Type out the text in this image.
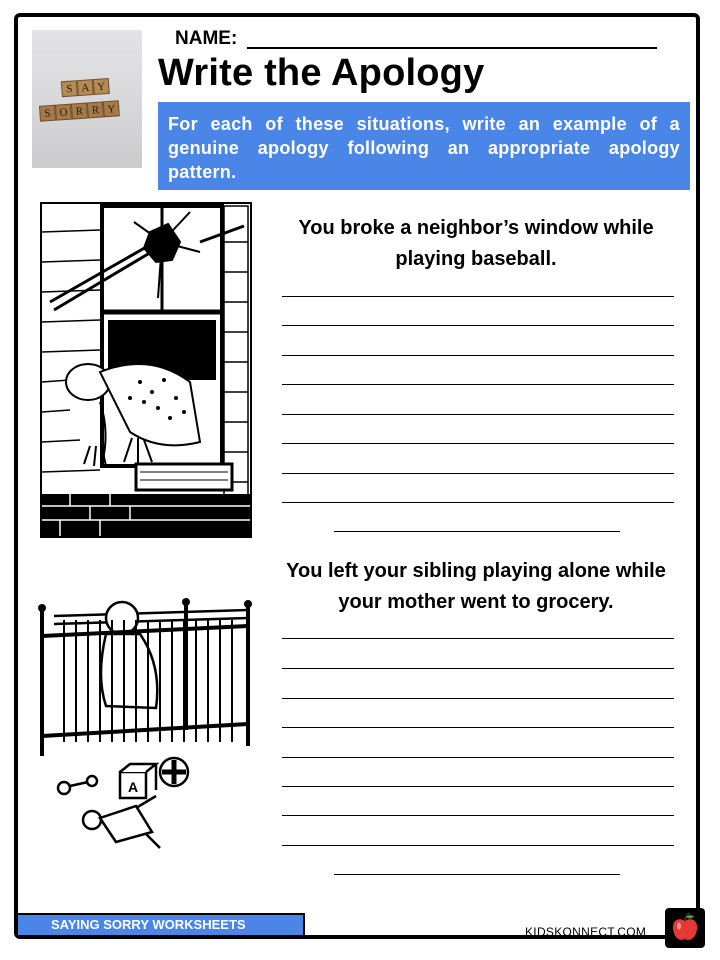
S A Y
S O R R Y
NAME:
Write the Apology

For each of these situations, write an example of a genuine apology following an appropriate apology pattern.

You broke a neighbor’s window while playing baseball.
A
You left your sibling playing alone while your mother went to grocery.
SAYING SORRY WORKSHEETS	KIDSKONNECT.COM
